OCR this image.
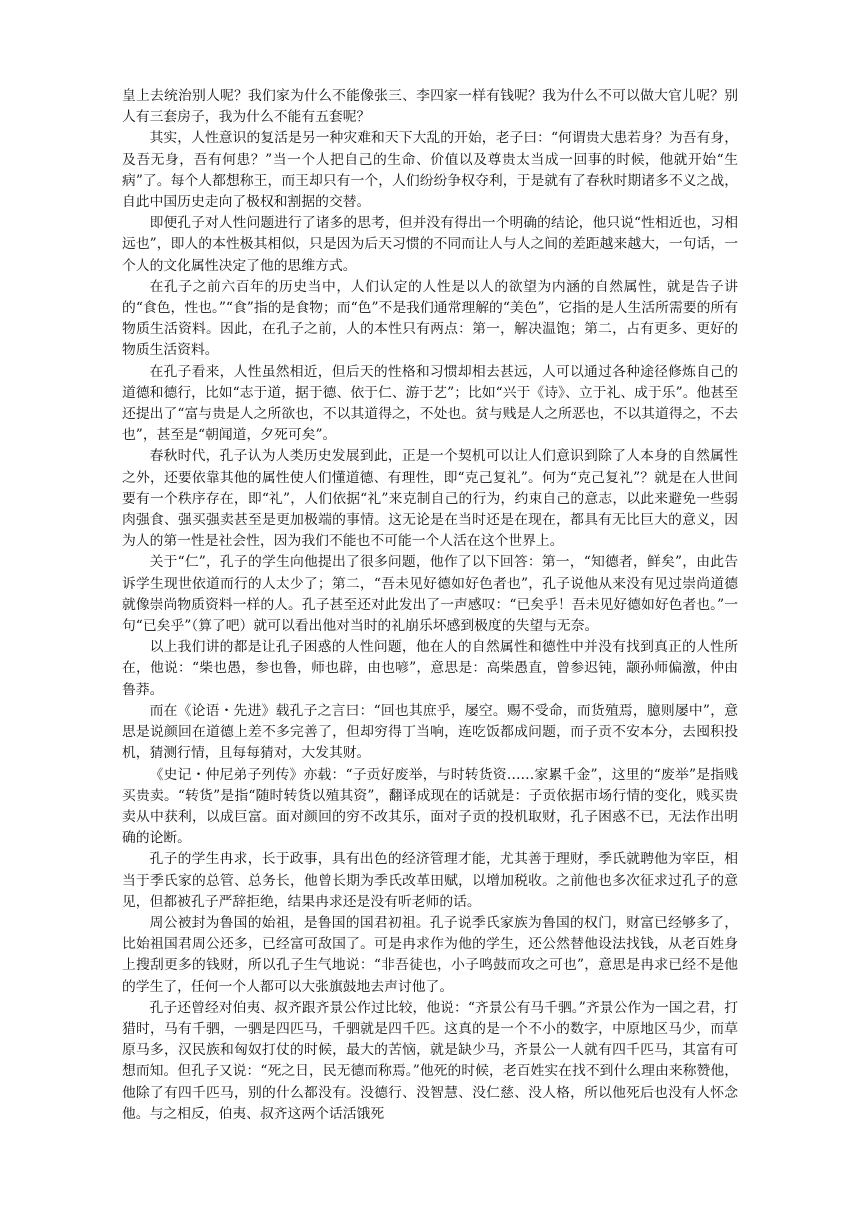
皇上去统治别人呢？我们家为什么不能像张三、李四家一样有钱呢？我为什么不可以做大官儿呢？别人有三套房子，我为什么不能有五套呢？

其实，人性意识的复活是另一种灾难和天下大乱的开始，老子曰：“何谓贵大患若身？为吾有身，及吾无身，吾有何患？”当一个人把自己的生命、价值以及尊贵太当成一回事的时候，他就开始“生病”了。每个人都想称王，而王却只有一个，人们纷纷争权夺利，于是就有了春秋时期诸多不义之战，自此中国历史走向了极权和割据的交替。

即便孔子对人性问题进行了诸多的思考，但并没有得出一个明确的结论，他只说“性相近也，习相远也”，即人的本性极其相似，只是因为后天习惯的不同而让人与人之间的差距越来越大，一句话，一个人的文化属性决定了他的思维方式。

在孔子之前六百年的历史当中，人们认定的人性是以人的欲望为内涵的自然属性，就是告子讲的“食色，性也。”“食”指的是食物；而“色”不是我们通常理解的“美色”，它指的是人生活所需要的所有物质生活资料。因此，在孔子之前，人的本性只有两点：第一，解决温饱；第二，占有更多、更好的物质生活资料。

在孔子看来，人性虽然相近，但后天的性格和习惯却相去甚远，人可以通过各种途径修炼自己的道德和德行，比如“志于道，据于德、依于仁、游于艺”；比如“兴于《诗》、立于礼、成于乐”。他甚至还提出了“富与贵是人之所欲也，不以其道得之，不处也。贫与贱是人之所恶也，不以其道得之，不去也”，甚至是“朝闻道，夕死可矣”。

春秋时代，孔子认为人类历史发展到此，正是一个契机可以让人们意识到除了人本身的自然属性之外，还要依靠其他的属性使人们懂道德、有理性，即“克己复礼”。何为“克己复礼”？就是在人世间要有一个秩序存在，即“礼”，人们依据“礼”来克制自己的行为，约束自己的意志，以此来避免一些弱肉强食、强买强卖甚至是更加极端的事情。这无论是在当时还是在现在，都具有无比巨大的意义，因为人的第一性是社会性，因为我们不能也不可能一个人活在这个世界上。

关于“仁”，孔子的学生向他提出了很多问题，他作了以下回答：第一，“知德者，鲜矣”，由此告诉学生现世依道而行的人太少了；第二，“吾未见好德如好色者也”，孔子说他从来没有见过崇尚道德就像崇尚物质资料一样的人。孔子甚至还对此发出了一声感叹：“已矣乎！吾未见好德如好色者也。”一句“已矣乎”（算了吧）就可以看出他对当时的礼崩乐坏感到极度的失望与无奈。

以上我们讲的都是让孔子困惑的人性问题，他在人的自然属性和德性中并没有找到真正的人性所在，他说：“柴也愚，参也鲁，师也辟，由也喭”，意思是：高柴愚直，曾参迟钝，颛孙师偏激，仲由鲁莽。

而在《论语・先进》载孔子之言曰：“回也其庶乎，屡空。赐不受命，而货殖焉，臆则屡中”，意思是说颜回在道德上差不多完善了，但却穷得丁当响，连吃饭都成问题，而子贡不安本分，去囤积投机，猜测行情，且每每猜对，大发其财。

《史记・仲尼弟子列传》亦载：“子贡好废举，与时转货资……家累千金”，这里的“废举”是指贱买贵卖。“转货”是指“随时转货以殖其资”，翻译成现在的话就是：子贡依据市场行情的变化，贱买贵卖从中获利，以成巨富。面对颜回的穷不改其乐，面对子贡的投机取财，孔子困惑不已，无法作出明确的论断。

孔子的学生冉求，长于政事，具有出色的经济管理才能，尤其善于理财，季氏就聘他为宰臣，相当于季氏家的总管、总务长，他曾长期为季氏改革田赋，以增加税收。之前他也多次征求过孔子的意见，但都被孔子严辞拒绝，结果冉求还是没有听老师的话。

周公被封为鲁国的始祖，是鲁国的国君初祖。孔子说季氏家族为鲁国的权门，财富已经够多了，比始祖国君周公还多，已经富可敌国了。可是冉求作为他的学生，还公然替他设法找钱，从老百姓身上搜刮更多的钱财，所以孔子生气地说：“非吾徒也，小子鸣鼓而攻之可也”，意思是冉求已经不是他的学生了，任何一个人都可以大张旗鼓地去声讨他了。

孔子还曾经对伯夷、叔齐跟齐景公作过比较，他说：“齐景公有马千驷。”齐景公作为一国之君，打猎时，马有千驷，一驷是四匹马，千驷就是四千匹。这真的是一个不小的数字，中原地区马少，而草原马多，汉民族和匈奴打仗的时候，最大的苦恼，就是缺少马，齐景公一人就有四千匹马，其富有可想而知。但孔子又说：“死之日，民无德而称焉。”他死的时候，老百姓实在找不到什么理由来称赞他，他除了有四千匹马，别的什么都没有。没德行、没智慧、没仁慈、没人格，所以他死后也没有人怀念他。与之相反，伯夷、叔齐这两个话活饿死
